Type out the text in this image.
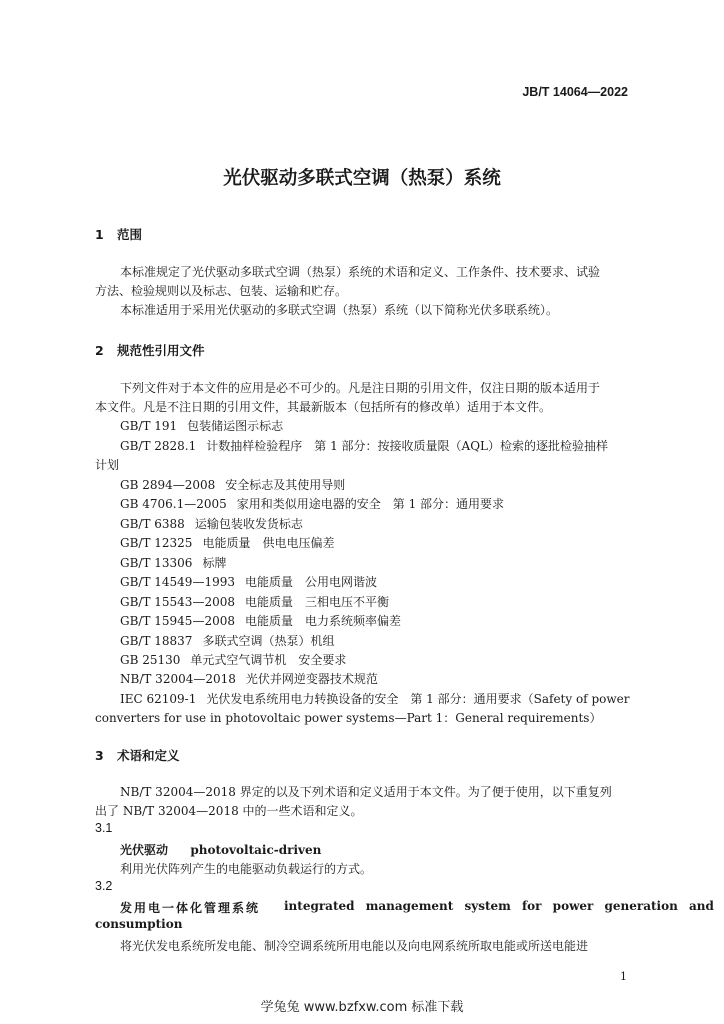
JB/T 14064—2022
光伏驱动多联式空调（热泵）系统
1 范围
本标准规定了光伏驱动多联式空调（热泵）系统的术语和定义、工作条件、技术要求、试验
方法、检验规则以及标志、包装、运输和贮存。
本标准适用于采用光伏驱动的多联式空调（热泵）系统（以下简称光伏多联系统）。
2 规范性引用文件
下列文件对于本文件的应用是必不可少的。凡是注日期的引用文件，仅注日期的版本适用于
本文件。凡是不注日期的引用文件，其最新版本（包括所有的修改单）适用于本文件。
GB/T 191 包装储运图示标志
GB/T 2828.1 计数抽样检验程序　第 1 部分：按接收质量限（AQL）检索的逐批检验抽样
计划
GB 2894—2008 安全标志及其使用导则
GB 4706.1—2005 家用和类似用途电器的安全　第 1 部分：通用要求
GB/T 6388 运输包装收发货标志
GB/T 12325 电能质量　供电电压偏差
GB/T 13306 标牌
GB/T 14549—1993 电能质量　公用电网谐波
GB/T 15543—2008 电能质量　三相电压不平衡
GB/T 15945—2008 电能质量　电力系统频率偏差
GB/T 18837 多联式空调（热泵）机组
GB 25130 单元式空气调节机　安全要求
NB/T 32004—2018 光伏并网逆变器技术规范
IEC 62109-1 光伏发电系统用电力转换设备的安全　第 1 部分：通用要求（Safety of power
converters for use in photovoltaic power systems—Part 1：General requirements）
3 术语和定义
NB/T 32004—2018 界定的以及下列术语和定义适用于本文件。为了便于使用，以下重复列
出了 NB/T 32004—2018 中的一些术语和定义。
3.1
光伏驱动 photovoltaic-driven
利用光伏阵列产生的电能驱动负载运行的方式。
3.2
发用电一体化管理系统 integrated management system for power generation and
consumption
将光伏发电系统所发电能、制冷空调系统所用电能以及向电网系统所取电能或所送电能进
1
学兔兔 www.bzfxw.com 标准下载
